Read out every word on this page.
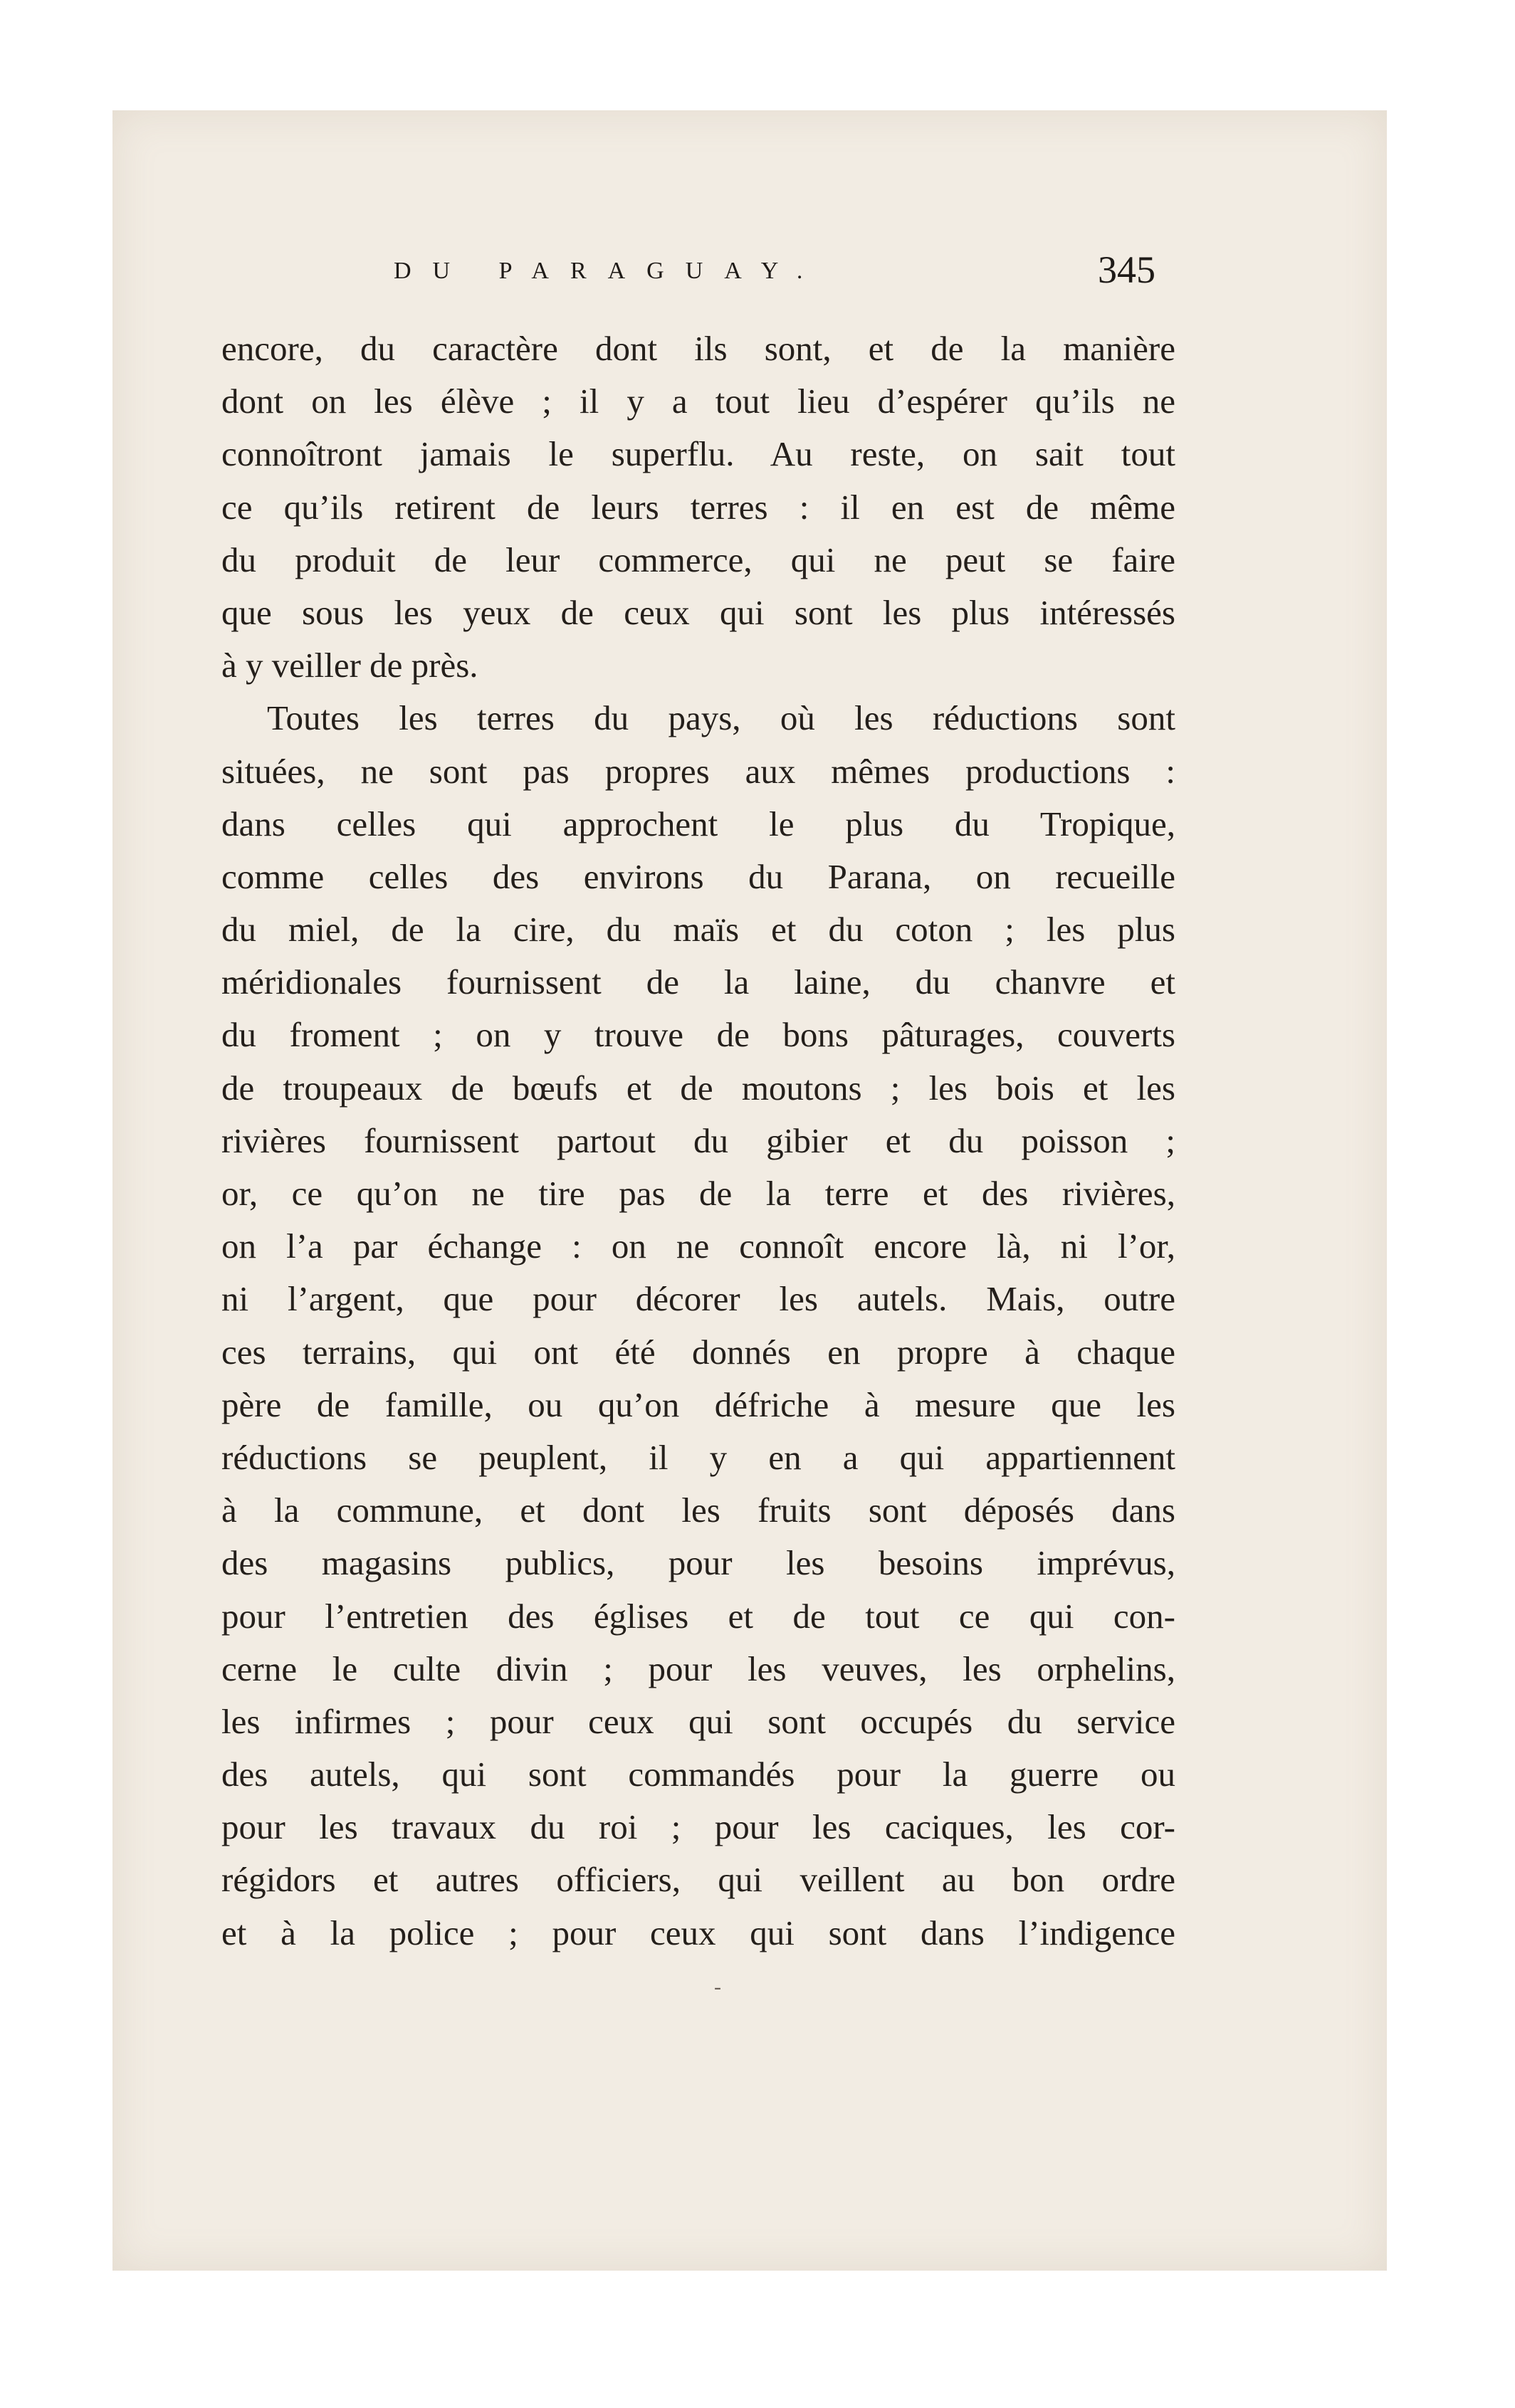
DU PARAGUAY.	345
encore, du caractère dont ils sont, et de la manière
dont on les élève ; il y a tout lieu d’espérer qu’ils ne
connoîtront jamais le superflu. Au reste, on sait tout
ce qu’ils retirent de leurs terres : il en est de même
du produit de leur commerce, qui ne peut se faire
que sous les yeux de ceux qui sont les plus intéressés
à y veiller de près.
Toutes les terres du pays, où les réductions sont
situées, ne sont pas propres aux mêmes productions :
dans celles qui approchent le plus du Tropique,
comme celles des environs du Parana, on recueille
du miel, de la cire, du maïs et du coton ; les plus
méridionales fournissent de la laine, du chanvre et
du froment ; on y trouve de bons pâturages, couverts
de troupeaux de bœufs et de moutons ; les bois et les
rivières fournissent partout du gibier et du poisson ;
or, ce qu’on ne tire pas de la terre et des rivières,
on l’a par échange : on ne connoît encore là, ni l’or,
ni l’argent, que pour décorer les autels. Mais, outre
ces terrains, qui ont été donnés en propre à chaque
père de famille, ou qu’on défriche à mesure que les
réductions se peuplent, il y en a qui appartiennent
à la commune, et dont les fruits sont déposés dans
des magasins publics, pour les besoins imprévus,
pour l’entretien des églises et de tout ce qui con-
cerne le culte divin ; pour les veuves, les orphelins,
les infirmes ; pour ceux qui sont occupés du service
des autels, qui sont commandés pour la guerre ou
pour les travaux du roi ; pour les caciques, les cor-
régidors et autres officiers, qui veillent au bon ordre
et à la police ; pour ceux qui sont dans l’indigence
-
